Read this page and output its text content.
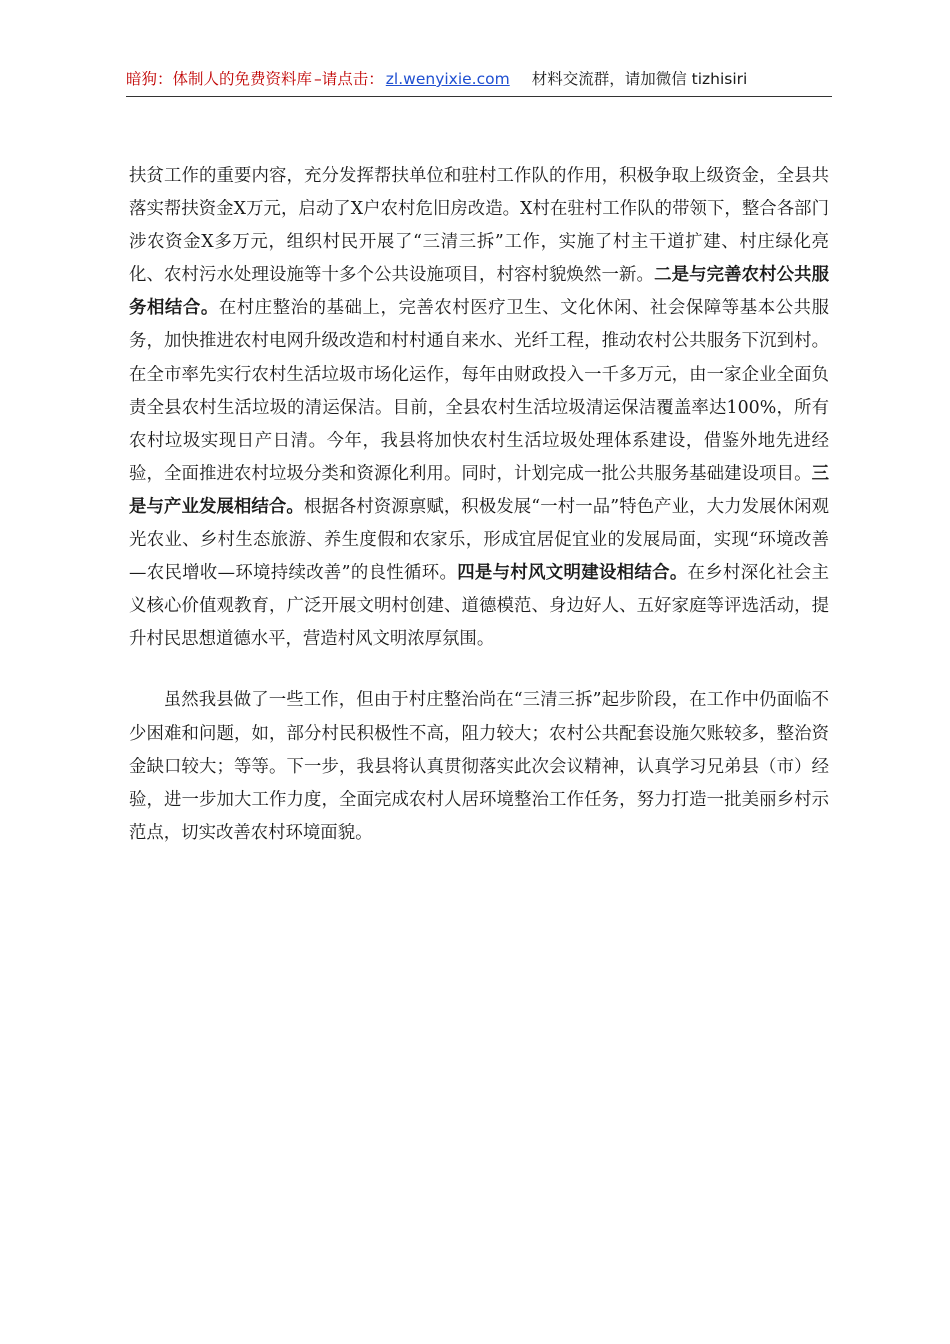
暗狗：体制人的免费资料库 –请点击： zl.wenyixie.com 材料交流群，请加微信 tizhisiri

扶贫工作的重要内容，充分发挥帮扶单位和驻村工作队的作用，积极争取上级资金，全县共落实帮扶资金X万元，启动了X户农村危旧房改造。X村在驻村工作队的带领下，整合各部门涉农资金X多万元，组织村民开展了“三清三拆”工作，实施了村主干道扩建、村庄绿化亮化、农村污水处理设施等十多个公共设施项目，村容村貌焕然一新。二是与完善农村公共服务相结合。在村庄整治的基础上，完善农村医疗卫生、文化休闲、社会保障等基本公共服务，加快推进农村电网升级改造和村村通自来水、光纤工程，推动农村公共服务下沉到村。在全市率先实行农村生活垃圾市场化运作，每年由财政投入一千多万元，由一家企业全面负责全县农村生活垃圾的清运保洁。目前，全县农村生活垃圾清运保洁覆盖率达100%，所有农村垃圾实现日产日清。今年，我县将加快农村生活垃圾处理体系建设，借鉴外地先进经验，全面推进农村垃圾分类和资源化利用。同时，计划完成一批公共服务基础建设项目。三是与产业发展相结合。根据各村资源禀赋，积极发展“一村一品”特色产业，大力发展休闲观光农业、乡村生态旅游、养生度假和农家乐，形成宜居促宜业的发展局面，实现“环境改善—农民增收—环境持续改善”的良性循环。四是与村风文明建设相结合。在乡村深化社会主义核心价值观教育，广泛开展文明村创建、道德模范、身边好人、五好家庭等评选活动，提升村民思想道德水平，营造村风文明浓厚氛围。

虽然我县做了一些工作，但由于村庄整治尚在“三清三拆”起步阶段，在工作中仍面临不少困难和问题，如，部分村民积极性不高，阻力较大；农村公共配套设施欠账较多，整治资金缺口较大；等等。下一步，我县将认真贯彻落实此次会议精神，认真学习兄弟县（市）经验，进一步加大工作力度，全面完成农村人居环境整治工作任务，努力打造一批美丽乡村示范点，切实改善农村环境面貌。
